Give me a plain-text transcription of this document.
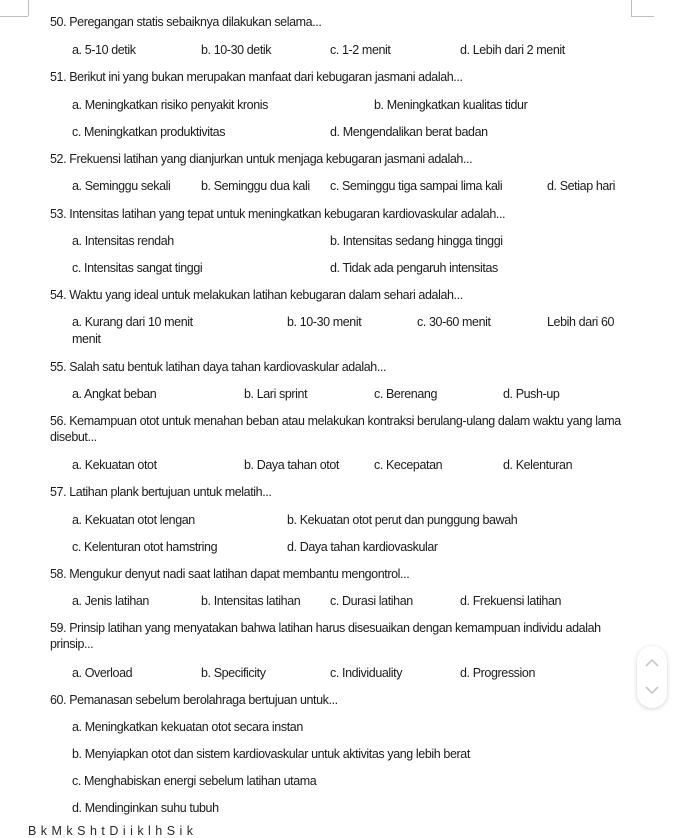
50. Peregangan statis sebaiknya dilakukan selama...
a. 5-10 detik	b. 10-30 detik	c. 1-2 menit	d. Lebih dari 2 menit
51. Berikut ini yang bukan merupakan manfaat dari kebugaran jasmani adalah...
a. Meningkatkan risiko penyakit kronis	b. Meningkatkan kualitas tidur
c. Meningkatkan produktivitas	d. Mengendalikan berat badan
52. Frekuensi latihan yang dianjurkan untuk menjaga kebugaran jasmani adalah...
a. Seminggu sekali b. Seminggu dua kali c. Seminggu tiga sampai lima kali	d. Setiap hari
53. Intensitas latihan yang tepat untuk meningkatkan kebugaran kardiovaskular adalah...
a. Intensitas rendah	b. Intensitas sedang hingga tinggi
c. Intensitas sangat tinggi	d. Tidak ada pengaruh intensitas
54. Waktu yang ideal untuk melakukan latihan kebugaran dalam sehari adalah...
a. Kurang dari 10 menit	b. 10-30 menit	c. 30-60 menit	Lebih dari 60
menit
55. Salah satu bentuk latihan daya tahan kardiovaskular adalah...
a. Angkat beban	b. Lari sprint	c. Berenang	d. Push-up
56. Kemampuan otot untuk menahan beban atau melakukan kontraksi berulang-ulang dalam waktu yang lama disebut...
a. Kekuatan otot	b. Daya tahan otot	c. Kecepatan	d. Kelenturan
57. Latihan plank bertujuan untuk melatih...
a. Kekuatan otot lengan	b. Kekuatan otot perut dan punggung bawah
c. Kelenturan otot hamstring	d. Daya tahan kardiovaskular
58. Mengukur denyut nadi saat latihan dapat membantu mengontrol...
a. Jenis latihan	b. Intensitas latihan c. Durasi latihan	d. Frekuensi latihan
59. Prinsip latihan yang menyatakan bahwa latihan harus disesuaikan dengan kemampuan individu adalah prinsip...
a. Overload	b. Specificity	c. Individuality	d. Progression
60. Pemanasan sebelum berolahraga bertujuan untuk...
a. Meningkatkan kekuatan otot secara instan
b. Menyiapkan otot dan sistem kardiovaskular untuk aktivitas yang lebih berat
c. Menghabiskan energi sebelum latihan utama
d. Mendinginkan suhu tubuh
B k M k S h t D i i k l h S i k
